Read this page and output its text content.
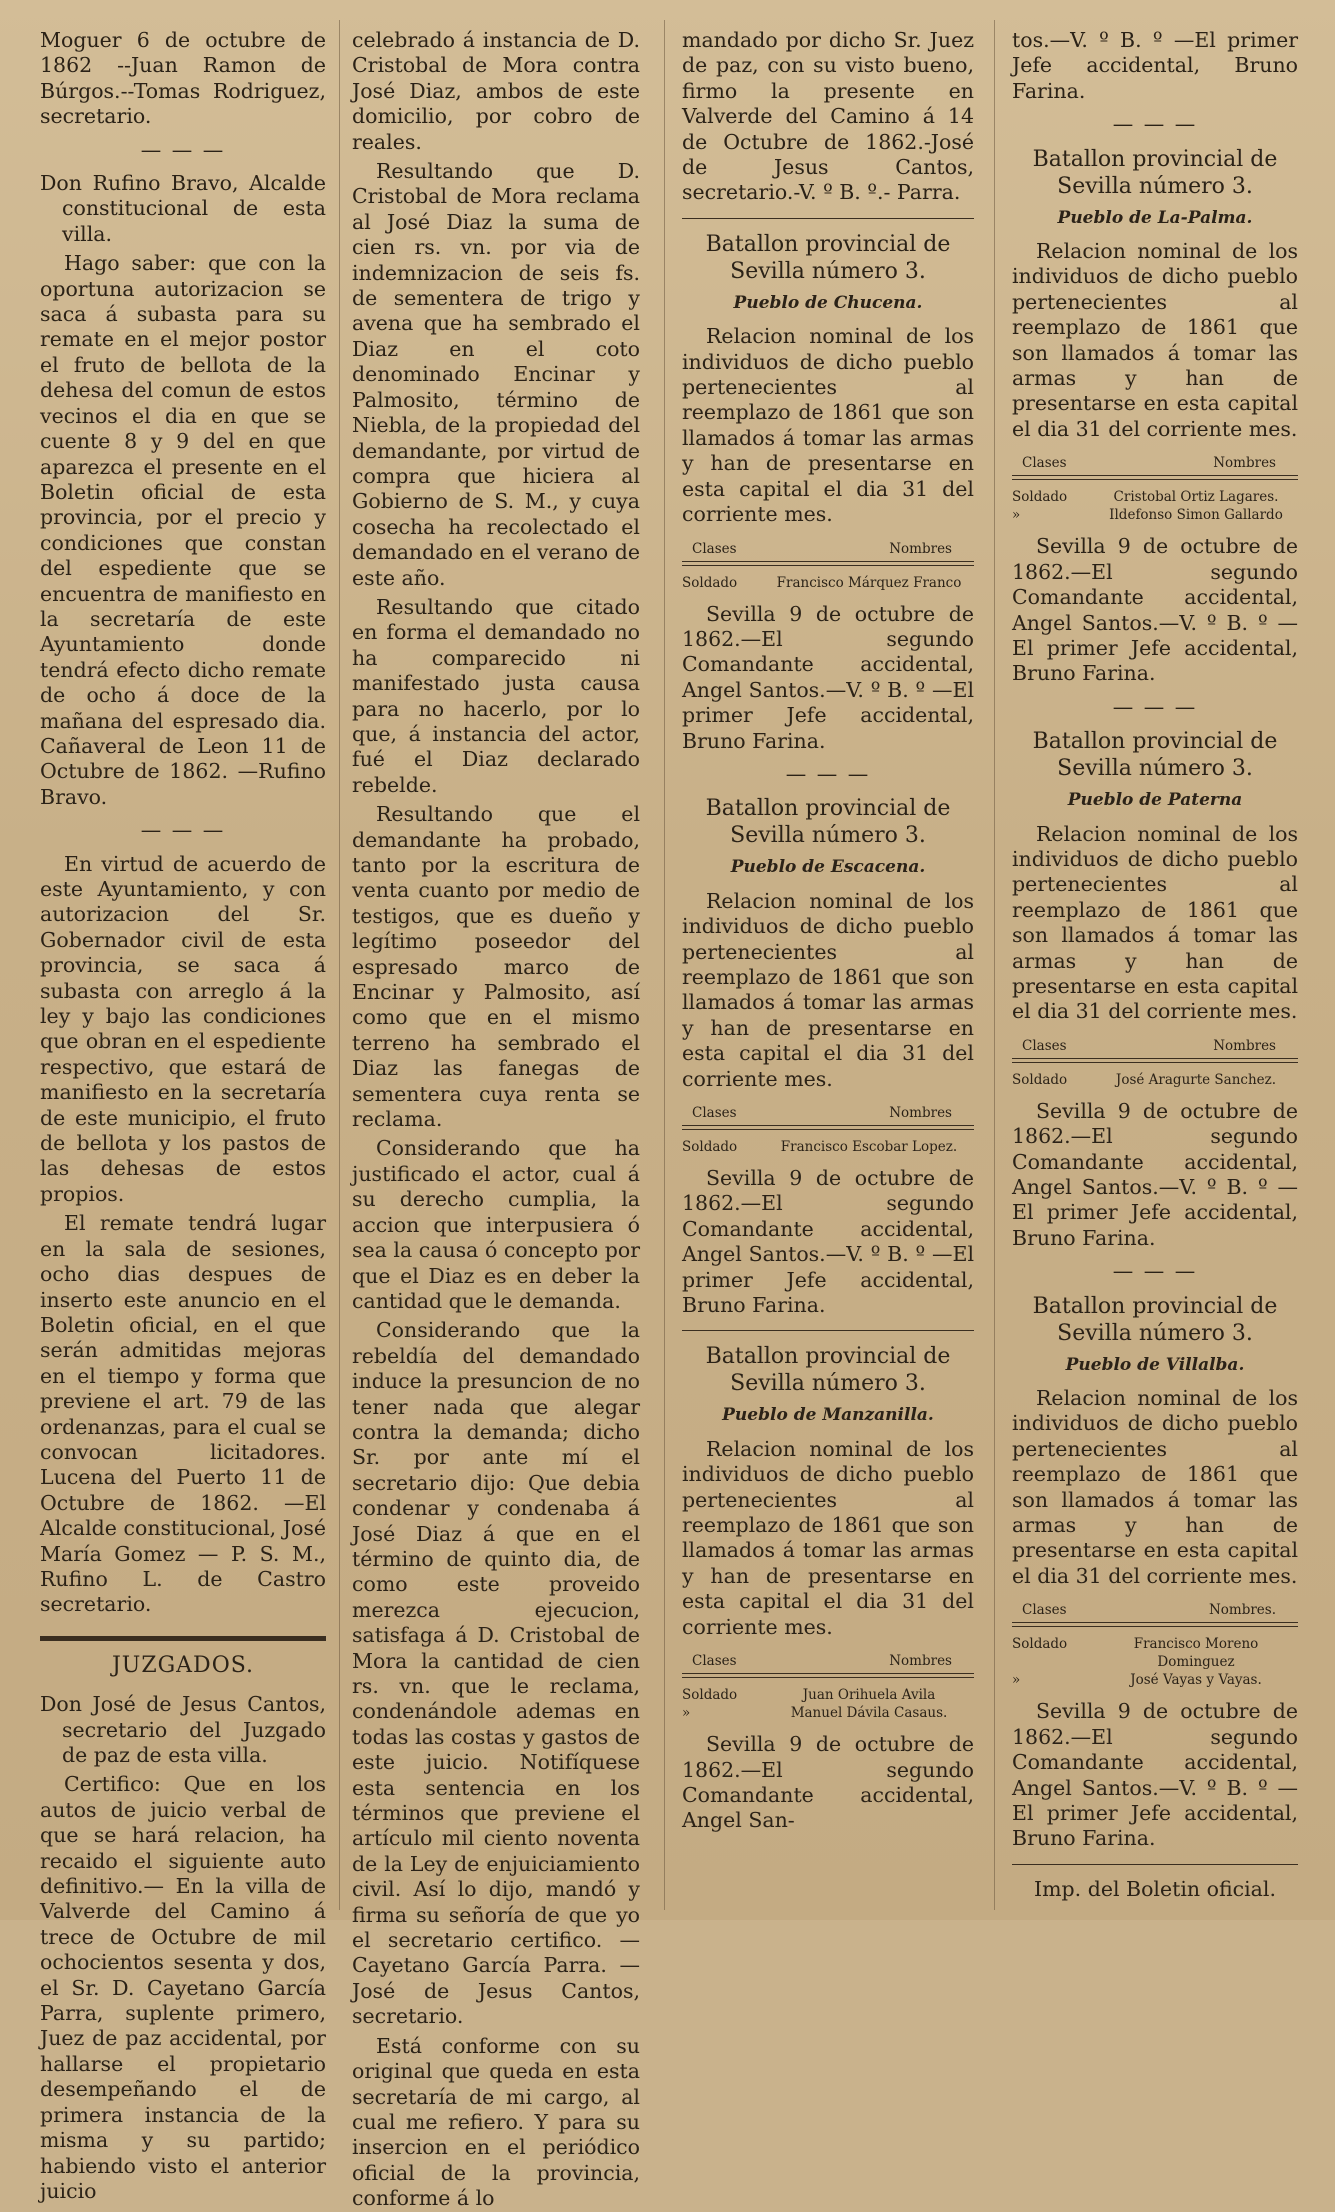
Moguer 6 de octubre de 1862 --Juan Ramon de Búrgos.--Tomas Rodriguez, secretario.

— — —

Don Rufino Bravo, Alcalde constitucional de esta villa.

Hago saber: que con la oportuna autorizacion se saca á subasta para su remate en el mejor postor el fruto de bellota de la dehesa del comun de estos vecinos el dia en que se cuente 8 y 9 del en que aparezca el presente en el Boletin oficial de esta provincia, por el precio y condiciones que constan del espediente que se encuentra de manifiesto en la secretaría de este Ayuntamiento donde tendrá efecto dicho remate de ocho á doce de la mañana del espresado dia. Cañaveral de Leon 11 de Octubre de 1862. —Rufino Bravo.

— — —

En virtud de acuerdo de este Ayuntamiento, y con autorizacion del Sr. Gobernador civil de esta provincia, se saca á subasta con arreglo á la ley y bajo las condiciones que obran en el espediente respectivo, que estará de manifiesto en la secretaría de este municipio, el fruto de bellota y los pastos de las dehesas de estos propios.

El remate tendrá lugar en la sala de sesiones, ocho dias despues de inserto este anuncio en el Boletin oficial, en el que serán admitidas mejoras en el tiempo y forma que previene el art. 79 de las ordenanzas, para el cual se convocan licitadores. Lucena del Puerto 11 de Octubre de 1862. —El Alcalde constitucional, José María Gomez — P. S. M., Rufino L. de Castro secretario.

JUZGADOS.

Don José de Jesus Cantos, secretario del Juzgado de paz de esta villa.

Certifico: Que en los autos de juicio verbal de que se hará relacion, ha recaido el siguiente auto definitivo.— En la villa de Valverde del Camino á trece de Octubre de mil ochocientos sesenta y dos, el Sr. D. Cayetano García Parra, suplente primero, Juez de paz accidental, por hallarse el propietario desempeñando el de primera instancia de la misma y su partido; habiendo visto el anterior juicio

celebrado á instancia de D. Cristobal de Mora contra José Diaz, ambos de este domicilio, por cobro de reales.

Resultando que D. Cristobal de Mora reclama al José Diaz la suma de cien rs. vn. por via de indemnizacion de seis fs. de sementera de trigo y avena que ha sembrado el Diaz en el coto denominado Encinar y Palmosito, término de Niebla, de la propiedad del demandante, por virtud de compra que hiciera al Gobierno de S. M., y cuya cosecha ha recolectado el demandado en el verano de este año.

Resultando que citado en forma el demandado no ha comparecido ni manifestado justa causa para no hacerlo, por lo que, á instancia del actor, fué el Diaz declarado rebelde.

Resultando que el demandante ha probado, tanto por la escritura de venta cuanto por medio de testigos, que es dueño y legítimo poseedor del espresado marco de Encinar y Palmosito, así como que en el mismo terreno ha sembrado el Diaz las fanegas de sementera cuya renta se reclama.

Considerando que ha justificado el actor, cual á su derecho cumplia, la accion que interpusiera ó sea la causa ó concepto por que el Diaz es en deber la cantidad que le demanda.

Considerando que la rebeldía del demandado induce la presuncion de no tener nada que alegar contra la demanda; dicho Sr. por ante mí el secretario dijo: Que debia condenar y condenaba á José Diaz á que en el término de quinto dia, de como este proveido merezca ejecucion, satisfaga á D. Cristobal de Mora la cantidad de cien rs. vn. que le reclama, condenándole ademas en todas las costas y gastos de este juicio. Notifíquese esta sentencia en los términos que previene el artículo mil ciento noventa de la Ley de enjuiciamiento civil. Así lo dijo, mandó y firma su señoría de que yo el secretario certifico. —Cayetano García Parra. —José de Jesus Cantos, secretario.

Está conforme con su original que queda en esta secretaría de mi cargo, al cual me refiero. Y para su insercion en el periódico oficial de la provincia, conforme á lo

mandado por dicho Sr. Juez de paz, con su visto bueno, firmo la presente en Valverde del Camino á 14 de Octubre de 1862.-José de Jesus Cantos, secretario.-V. º B. º.- Parra.

Batallon provincial de Sevilla número 3.
Pueblo de Chucena.

Relacion nominal de los individuos de dicho pueblo pertenecientes al reemplazo de 1861 que son llamados á tomar las armas y han de presentarse en esta capital el dia 31 del corriente mes.

Clases	Nombres
Soldado	Francisco Márquez Franco

Sevilla 9 de octubre de 1862.—El segundo Comandante accidental, Angel Santos.—V. º B. º —El primer Jefe accidental, Bruno Farina.

— — —
Batallon provincial de Sevilla número 3.
Pueblo de Escacena.

Relacion nominal de los individuos de dicho pueblo pertenecientes al reemplazo de 1861 que son llamados á tomar las armas y han de presentarse en esta capital el dia 31 del corriente mes.

Clases	Nombres
Soldado	Francisco Escobar Lopez.

Sevilla 9 de octubre de 1862.—El segundo Comandante accidental, Angel Santos.—V. º B. º —El primer Jefe accidental, Bruno Farina.

Batallon provincial de Sevilla número 3.
Pueblo de Manzanilla.

Relacion nominal de los individuos de dicho pueblo pertenecientes al reemplazo de 1861 que son llamados á tomar las armas y han de presentarse en esta capital el dia 31 del corriente mes.

Clases	Nombres
Soldado	Juan Orihuela Avila
»	Manuel Dávila Casaus.

Sevilla 9 de octubre de 1862.—El segundo Comandante accidental, Angel San-

tos.—V. º B. º —El primer Jefe accidental, Bruno Farina.

— — —
Batallon provincial de Sevilla número 3.
Pueblo de La-Palma.

Relacion nominal de los individuos de dicho pueblo pertenecientes al reemplazo de 1861 que son llamados á tomar las armas y han de presentarse en esta capital el dia 31 del corriente mes.

Clases	Nombres
Soldado	Cristobal Ortiz Lagares.
»	Ildefonso Simon Gallardo

Sevilla 9 de octubre de 1862.—El segundo Comandante accidental, Angel Santos.—V. º B. º —El primer Jefe accidental, Bruno Farina.

— — —
Batallon provincial de Sevilla número 3.
Pueblo de Paterna

Relacion nominal de los individuos de dicho pueblo pertenecientes al reemplazo de 1861 que son llamados á tomar las armas y han de presentarse en esta capital el dia 31 del corriente mes.

Clases	Nombres
Soldado	José Aragurte Sanchez.

Sevilla 9 de octubre de 1862.—El segundo Comandante accidental, Angel Santos.—V. º B. º —El primer Jefe accidental, Bruno Farina.

— — —
Batallon provincial de Sevilla número 3.
Pueblo de Villalba.

Relacion nominal de los individuos de dicho pueblo pertenecientes al reemplazo de 1861 que son llamados á tomar las armas y han de presentarse en esta capital el dia 31 del corriente mes.

Clases	Nombres.
Soldado	Francisco Moreno Dominguez
»	José Vayas y Vayas.

Sevilla 9 de octubre de 1862.—El segundo Comandante accidental, Angel Santos.—V. º B. º —El primer Jefe accidental, Bruno Farina.

Imp. del Boletin oficial.
